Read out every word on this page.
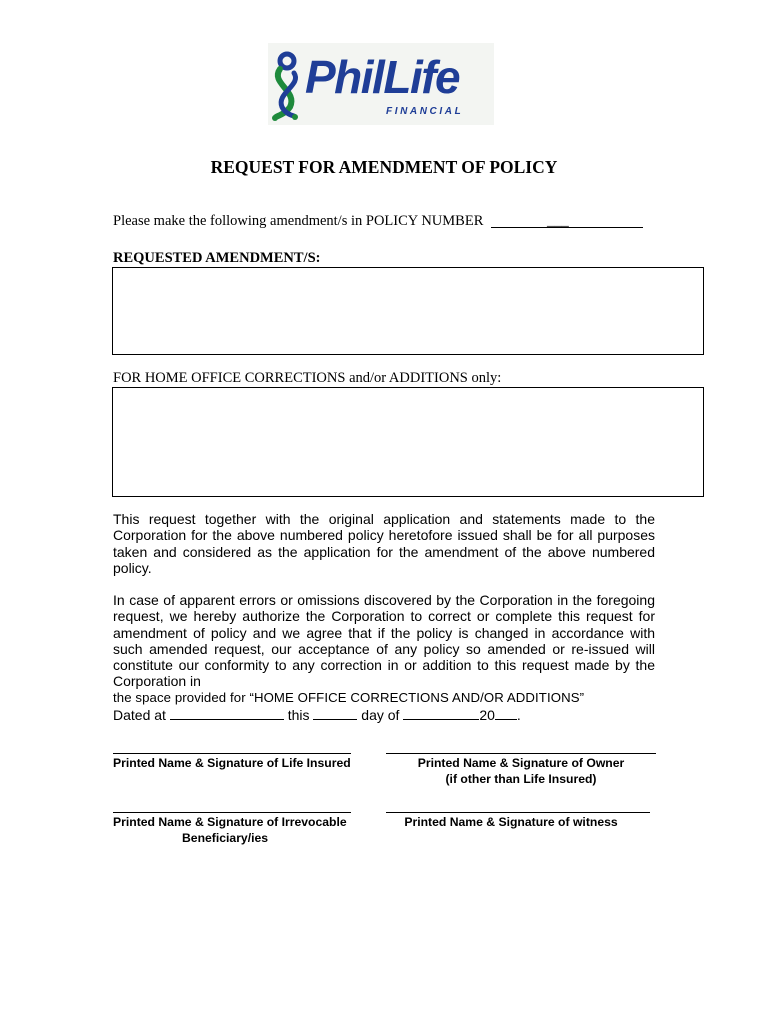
PhilLife
FINANCIAL
REQUEST FOR AMENDMENT OF POLICY
Please make the following amendment/s in POLICY NUMBER	___
REQUESTED AMENDMENT/S:
FOR HOME OFFICE CORRECTIONS and/or ADDITIONS only:
This request together with the original application and statements made to the Corporation for the above numbered policy heretofore issued shall be for all purposes taken and considered as the application for the amendment of the above numbered policy.
In case of apparent errors or omissions discovered by the Corporation in the foregoing request, we hereby authorize the Corporation to correct or complete this request for amendment of policy and we agree that if the policy is changed in accordance with such amended request, our acceptance of any policy so amended or re-issued will constitute our conformity to any correction in or addition to this request made by the Corporation in
the space provided for “HOME OFFICE CORRECTIONS AND/OR ADDITIONS”
Dated at	this	day of	20 .
Printed Name & Signature of Life Insured	Printed Name & Signature of Owner
(if other than Life Insured)
Printed Name & Signature of Irrevocable
Beneficiary/ies
Printed Name & Signature of witness
